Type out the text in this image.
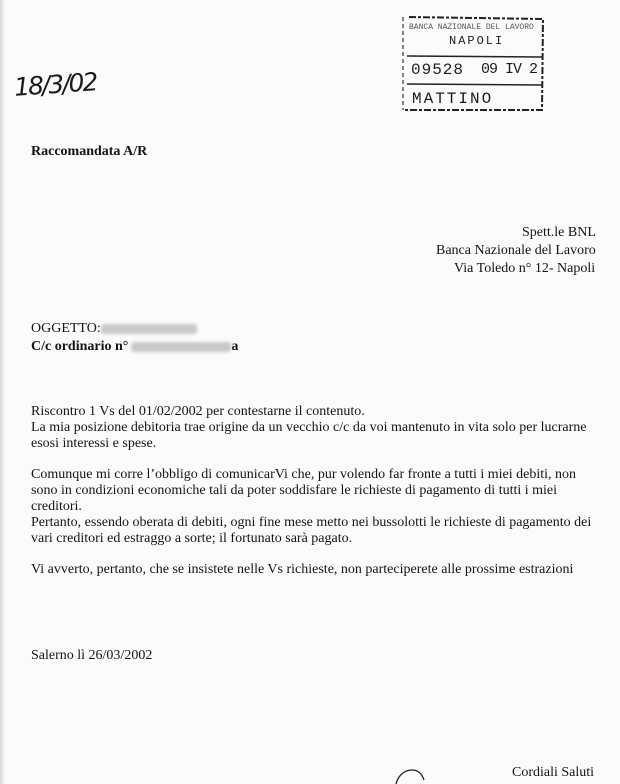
18/3/02
BANCA NAZIONALE DEL LAVORO
NAPOLI
09528 09 IV 2
MATTINO
Raccomandata A/R
Spett.le BNL
Banca Nazionale del Lavoro
Via Toledo n° 12- Napoli
OGGETTO:
C/c ordinario n°	a

Riscontro 1 Vs del 01/02/2002 per contestarne il contenuto.

La mia posizione debitoria trae origine da un vecchio c/c da voi mantenuto in vita solo per lucrarne

esosi interessi e spese.

Comunque mi corre l’obbligo di comunicarVi che, pur volendo far fronte a tutti i miei debiti, non

sono in condizioni economiche tali da poter soddisfare le richieste di pagamento di tutti i miei

creditori.

Pertanto, essendo oberata di debiti, ogni fine mese metto nei bussolotti le richieste di pagamento dei

vari creditori ed estraggo a sorte; il fortunato sarà pagato.

Vi avverto, pertanto, che se insistete nelle Vs richieste, non parteciperete alle prossime estrazioni

Salerno lì 26/03/2002
Cordiali Saluti
